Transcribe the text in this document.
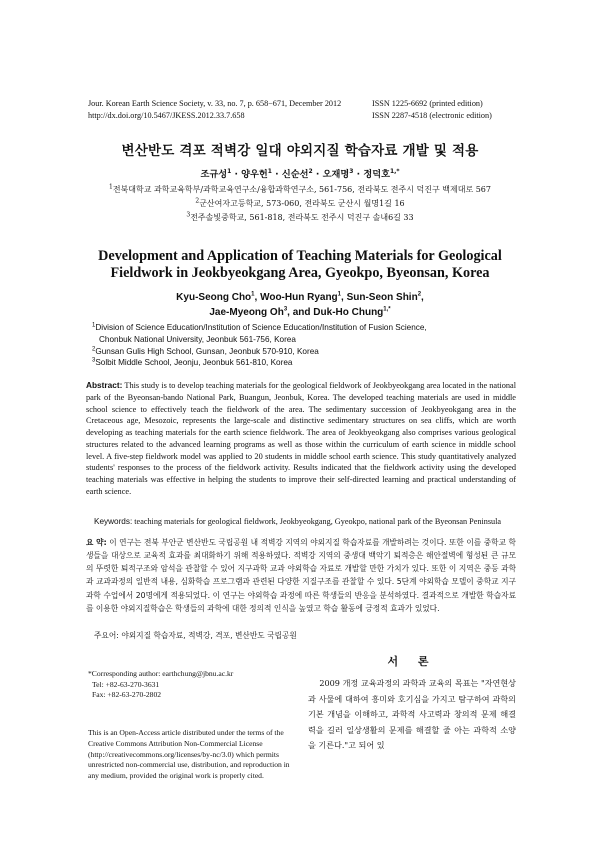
Jour. Korean Earth Science Society, v. 33, no. 7, p. 658−671, December 2012
http://dx.doi.org/10.5467/JKESS.2012.33.7.658
ISSN 1225-6692 (printed edition)
ISSN 2287-4518 (electronic edition)
변산반도 격포 적벽강 일대 야외지질 학습자료 개발 및 적용
조규성$^1$ · 양우헌$^1$ · 신순선$^2$ · 오재명$^3$ · 정덕호$^{1,*}$
$^1$전북대학교 과학교육학부/과학교육연구소/융합과학연구소, 561-756, 전라북도 전주시 덕진구 백제대로 567
$^2$군산여자고등학교, 573-060, 전라북도 군산시 월명1길 16
$^3$전주솔빛중학교, 561-818, 전라북도 전주시 덕진구 솔내6길 33
Development and Application of Teaching Materials for Geological
Fieldwork in Jeokbyeokgang Area, Gyeokpo, Byeonsan, Korea
Kyu-Seong Cho$^1$, Woo-Hun Ryang$^1$, Sun-Seon Shin$^2$,
Jae-Myeong Oh$^3$, and Duk-Ho Chung$^{1,*}$
$^1$Division of Science Education/Institution of Science Education/Institution of Fusion Science,
Chonbuk National University, Jeonbuk 561-756, Korea
$^2$Gunsan Gulis High School, Gunsan, Jeonbuk 570-910, Korea
$^3$Solbit Middle School, Jeonju, Jeonbuk 561-810, Korea
Abstract: This study is to develop teaching materials for the geological fieldwork of Jeokbyeokgang area located in the national park of the Byeonsan-bando National Park, Buangun, Jeonbuk, Korea. The developed teaching materials are used in middle school science to effectively teach the fieldwork of the area. The sedimentary succession of Jeokbyeokgang area in the Cretaceous age, Mesozoic, represents the large-scale and distinctive sedimentary structures on sea cliffs, which are worth developing as teaching materials for the earth science fieldwork. The area of Jeokbyeokgang also comprises various geological structures related to the advanced learning programs as well as those within the curriculum of earth science in middle school level. A five-step fieldwork model was applied to 20 students in middle school earth science. This study quantitatively analyzed students' responses to the process of the fieldwork activity. Results indicated that the fieldwork activity using the developed teaching materials was effective in helping the students to improve their self-directed learning and practical understanding of earth science.
Keywords: teaching materials for geological fieldwork, Jeokbyeokgang, Gyeokpo, national park of the Byeonsan Peninsula
요 약: 이 연구는 전북 부안군 변산반도 국립공원 내 적벽강 지역의 야외지질 학습자료를 개발하려는 것이다. 또한 이를 중학교 학생들을 대상으로 교육적 효과를 최대화하기 위해 적용하였다. 적벽강 지역의 중생대 백악기 퇴적층은 해안절벽에 형성된 큰 규모의 뚜렷한 퇴적구조와 암석을 관찰할 수 있어 지구과학 교과 야외학습 자료로 개발할 만한 가치가 있다. 또한 이 지역은 중등 과학과 교과과정의 일반적 내용, 심화학습 프로그램과 관련된 다양한 지질구조를 관찰할 수 있다. 5단계 야외학습 모델이 중학교 지구과학 수업에서 20명에게 적용되었다. 이 연구는 야외학습 과정에 따른 학생들의 반응을 분석하였다. 결과적으로 개발한 학습자료를 이용한 야외지질학습은 학생들의 과학에 대한 정의적 인식을 높였고 학습 활동에 긍정적 효과가 있었다.
주요어: 야외지질 학습자료, 적벽강, 격포, 변산반도 국립공원
*Corresponding author: earthchung@jbnu.ac.kr
Tel: +82-63-270-3631
Fax: +82-63-270-2802
This is an Open-Access article distributed under the terms of the Creative Commons Attribution Non-Commercial License (http://creativecommons.org/licenses/by-nc/3.0) which permits unrestricted non-commercial use, distribution, and reproduction in any medium, provided the original work is properly cited.
서 론
2009 개정 교육과정의 과학과 교육의 목표는 "자연현상과 사물에 대하여 흥미와 호기심을 가지고 탐구하여 과학의 기본 개념을 이해하고, 과학적 사고력과 창의적 문제 해결력을 길러 일상생활의 문제를 해결할 줄 아는 과학적 소양을 기른다."고 되어 있
